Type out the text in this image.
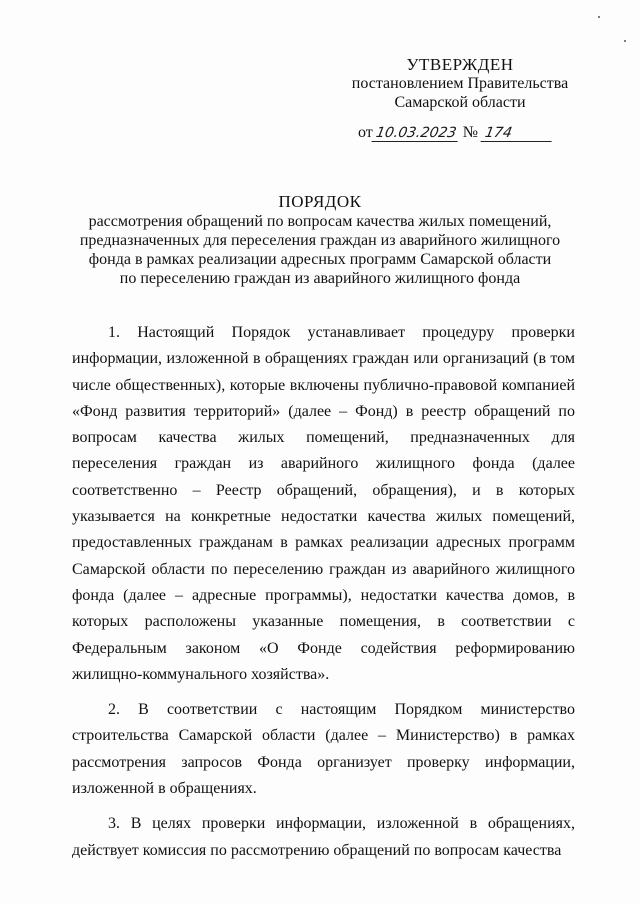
УТВЕРЖДЕН
постановлением Правительства
Самарской области
от 10.03.2023 № 174
ПОРЯДОК
рассмотрения обращений по вопросам качества жилых помещений,
предназначенных для переселения граждан из аварийного жилищного
фонда в рамках реализации адресных программ Самарской области
по переселению граждан из аварийного жилищного фонда

1. Настоящий Порядок устанавливает процедуру проверки информации, изложенной в обращениях граждан или организаций (в том числе общественных), которые включены публично-правовой компанией «Фонд развития территорий» (далее – Фонд) в реестр обращений по вопросам качества жилых помещений, предназначенных для переселения граждан из аварийного жилищного фонда (далее соответственно – Реестр обращений, обращения), и в которых указывается на конкретные недостатки качества жилых помещений, предоставленных гражданам в рамках реализации адресных программ Самарской области по переселению граждан из аварийного жилищного фонда (далее – адресные программы), недостатки качества домов, в которых расположены указанные помещения, в соответствии с Федеральным законом «О Фонде содействия реформированию жилищно-коммунального хозяйства».

2. В соответствии с настоящим Порядком министерство строительства Самарской области (далее – Министерство) в рамках рассмотрения запросов Фонда организует проверку информации, изложенной в обращениях.

3. В целях проверки информации, изложенной в обращениях, действует комиссия по рассмотрению обращений по вопросам качества
